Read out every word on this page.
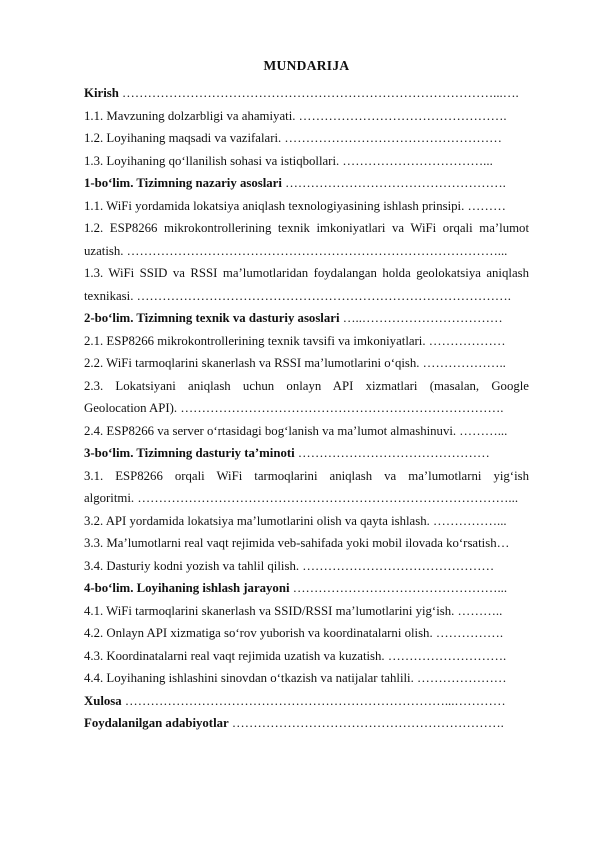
MUNDARIJA
Kirish ……………………………………………………………………………...….
1.1. Mavzuning dolzarbligi va ahamiyati. ………………………………………….
1.2. Loyihaning maqsadi va vazifalari. ……………………………………………
1.3. Loyihaning qo‘llanilish sohasi va istiqbollari. ……………………………...
1-bo‘lim. Tizimning nazariy asoslari …………………………………………….
1.1. WiFi yordamida lokatsiya aniqlash texnologiyasining ishlash prinsipi. ………
1.2. ESP8266 mikrokontrollerining texnik imkoniyatlari va WiFi orqali ma’lumot
uzatish. ……………………………………………………………………………...
1.3. WiFi SSID va RSSI ma’lumotlaridan foydalangan holda geolokatsiya aniqlash
texnikasi. …………………………………………………………………………….
2-bo‘lim. Tizimning texnik va dasturiy asoslari …..……………………………
2.1. ESP8266 mikrokontrollerining texnik tavsifi va imkoniyatlari. ………………
2.2. WiFi tarmoqlarini skanerlash va RSSI ma’lumotlarini o‘qish. ………………..
2.3. Lokatsiyani aniqlash uchun onlayn API xizmatlari (masalan, Google
Geolocation API). ………………………………………………………………….
2.4. ESP8266 va server o‘rtasidagi bog‘lanish va ma’lumot almashinuvi. ………...
3-bo‘lim. Tizimning dasturiy ta’minoti ………………………………………
3.1. ESP8266 orqali WiFi tarmoqlarini aniqlash va ma’lumotlarni yig‘ish
algoritmi. ……………………………………………………………………………...
3.2. API yordamida lokatsiya ma’lumotlarini olish va qayta ishlash. ……………...
3.3. Ma’lumotlarni real vaqt rejimida veb-sahifada yoki mobil ilovada ko‘rsatish…
3.4. Dasturiy kodni yozish va tahlil qilish. ………………………………………
4-bo‘lim. Loyihaning ishlash jarayoni …………………………………………...
4.1. WiFi tarmoqlarini skanerlash va SSID/RSSI ma’lumotlarini yig‘ish. ………..
4.2. Onlayn API xizmatiga so‘rov yuborish va koordinatalarni olish. …………….
4.3. Koordinatalarni real vaqt rejimida uzatish va kuzatish. ……………………….
4.4. Loyihaning ishlashini sinovdan o‘tkazish va natijalar tahlili. …………………
Xulosa …………………………………………………………………...…………
Foydalanilgan adabiyotlar ……………………………………………………….
